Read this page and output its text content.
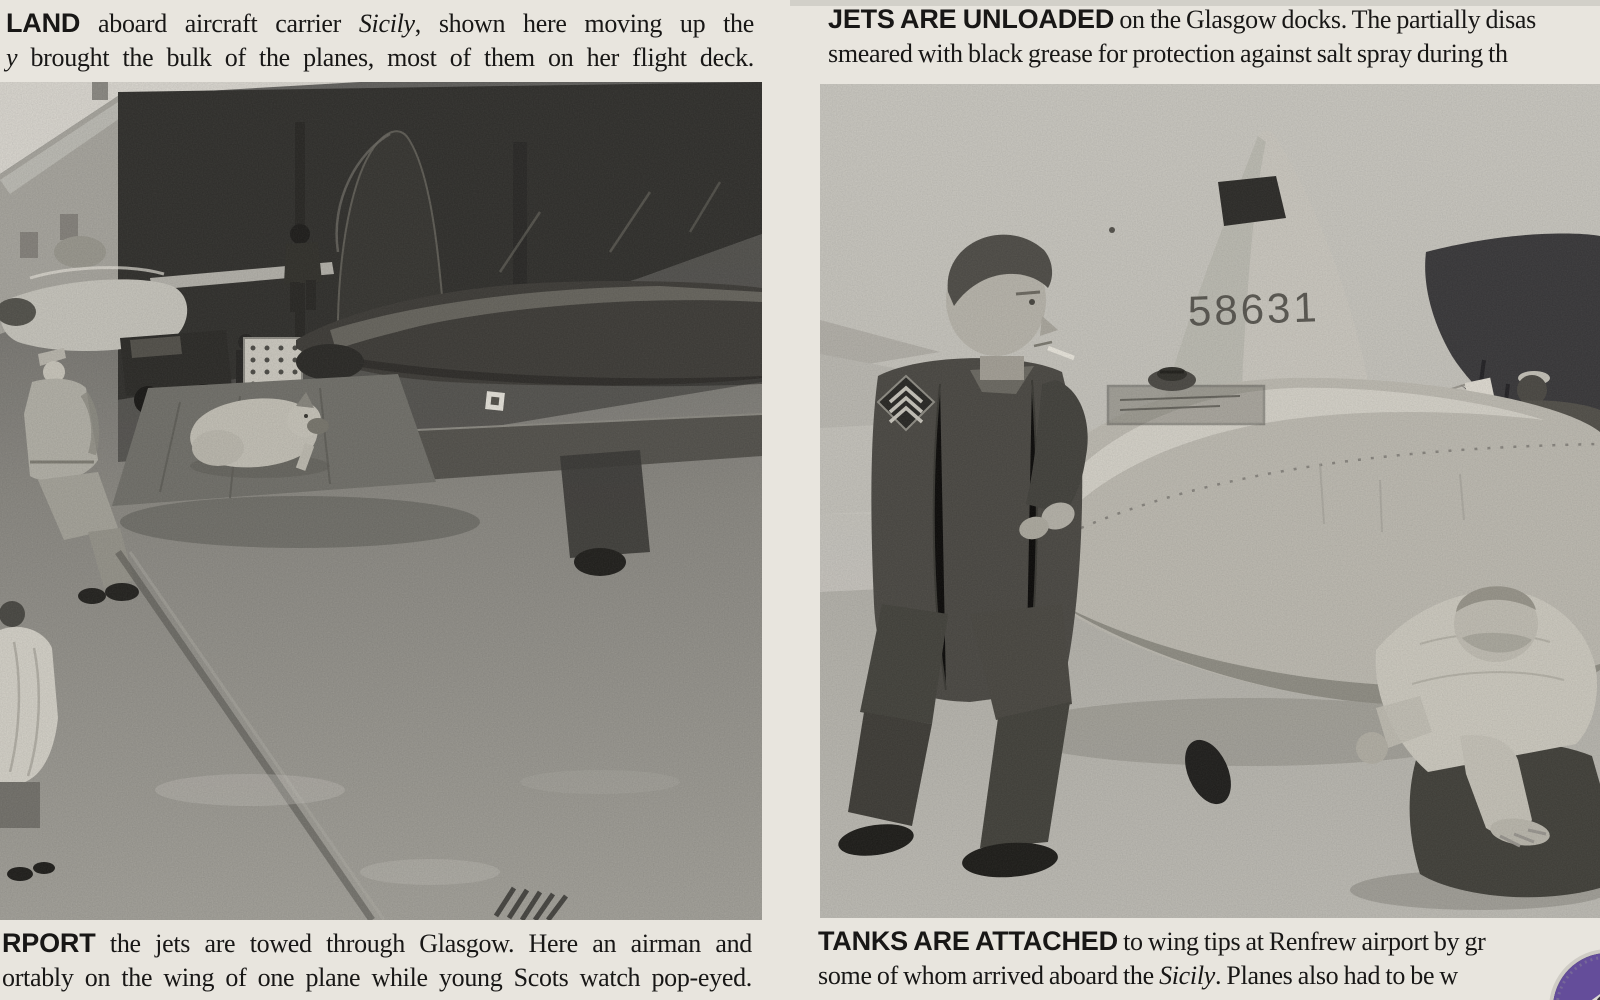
LAND aboard aircraft carrier Sicily, shown here moving up the
y brought the bulk of the planes, most of them on her flight deck.
JETS ARE UNLOADED on the Glasgow docks. The partially disas
smeared with black grease for protection against salt spray during th
58631
RPORT the jets are towed through Glasgow. Here an airman and
ortably on the wing of one plane while young Scots watch pop-eyed.
TANKS ARE ATTACHED to wing tips at Renfrew airport by gr
some of whom arrived aboard the Sicily. Planes also had to be w
